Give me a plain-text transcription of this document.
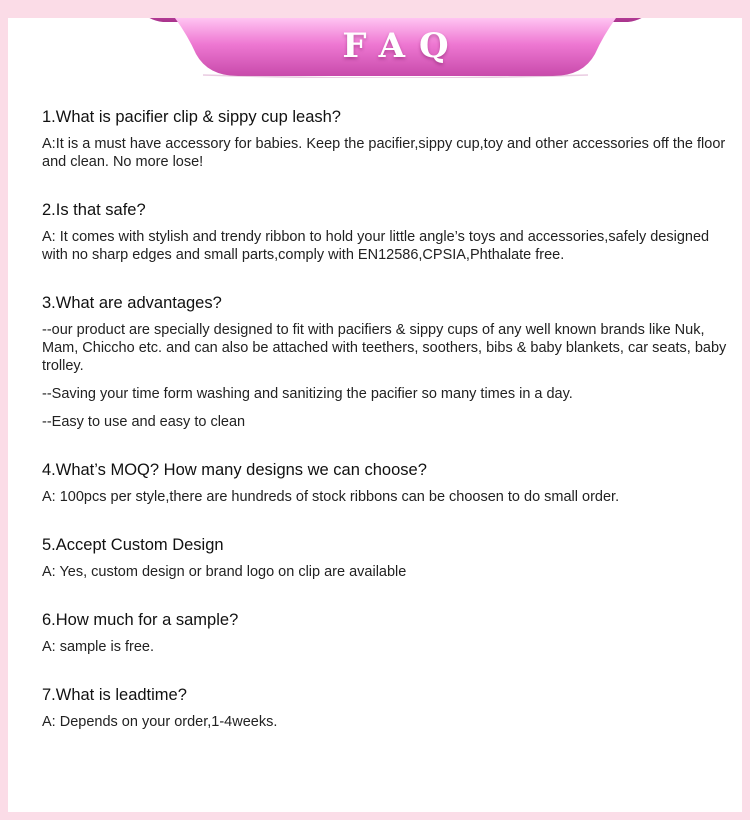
FAQ
1.What is pacifier clip & sippy cup leash?
A:It is a must have accessory for babies. Keep the pacifier,sippy cup,toy and other accessories off the floor and clean. No more lose!
2.Is that safe?
A: It comes with stylish and trendy ribbon to hold your little angle’s toys and accessories,safely designed with no sharp edges and small parts,comply with EN12586,CPSIA,Phthalate free.
3.What are advantages?
--our product are specially designed to fit with pacifiers & sippy cups of any well known brands like Nuk, Mam, Chiccho etc. and can also be attached with teethers, soothers, bibs & baby blankets, car seats, baby trolley.
--Saving your time form washing and sanitizing the pacifier so many times in a day.
--Easy to use and easy to clean
4.What’s MOQ? How many designs we can choose?
A: 100pcs per style,there are hundreds of stock ribbons can be choosen to do small order.
5.Accept Custom Design
A: Yes, custom design or brand logo on clip are available
6.How much for a sample?
A: sample is free.
7.What is leadtime?
A: Depends on your order,1-4weeks.
